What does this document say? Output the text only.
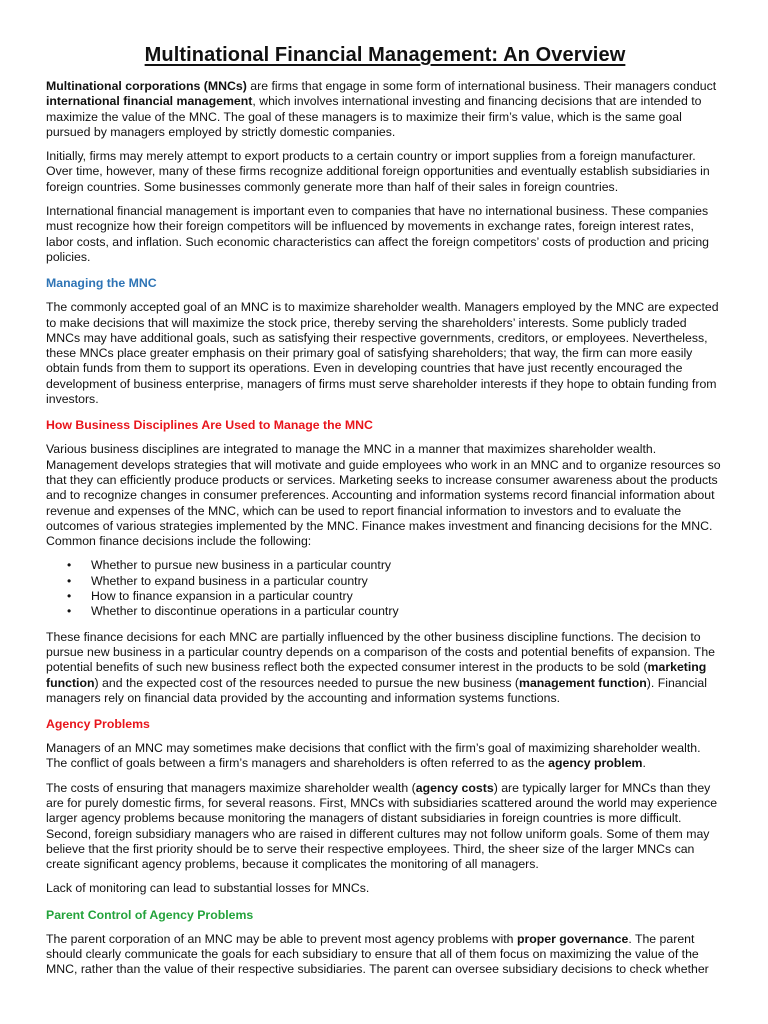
Multinational Financial Management: An Overview

Multinational corporations (MNCs) are firms that engage in some form of international business. Their managers conduct international financial management, which involves international investing and financing decisions that are intended to maximize the value of the MNC. The goal of these managers is to maximize their firm’s value, which is the same goal pursued by managers employed by strictly domestic companies.

Initially, firms may merely attempt to export products to a certain country or import supplies from a foreign manufacturer. Over time, however, many of these firms recognize additional foreign opportunities and eventually establish subsidiaries in foreign countries. Some businesses commonly generate more than half of their sales in foreign countries.

International financial management is important even to companies that have no international business. These companies must recognize how their foreign competitors will be influenced by movements in exchange rates, foreign interest rates, labor costs, and inflation. Such economic characteristics can affect the foreign competitors’ costs of production and pricing policies.

Managing the MNC

The commonly accepted goal of an MNC is to maximize shareholder wealth. Managers employed by the MNC are expected to make decisions that will maximize the stock price, thereby serving the shareholders’ interests. Some publicly traded MNCs may have additional goals, such as satisfying their respective governments, creditors, or employees. Nevertheless, these MNCs place greater emphasis on their primary goal of satisfying shareholders; that way, the firm can more easily obtain funds from them to support its operations. Even in developing countries that have just recently encouraged the development of business enterprise, managers of firms must serve shareholder interests if they hope to obtain funding from investors.

How Business Disciplines Are Used to Manage the MNC

Various business disciplines are integrated to manage the MNC in a manner that maximizes shareholder wealth. Management develops strategies that will motivate and guide employees who work in an MNC and to organize resources so that they can efficiently produce products or services. Marketing seeks to increase consumer awareness about the products and to recognize changes in consumer preferences. Accounting and information systems record financial information about revenue and expenses of the MNC, which can be used to report financial information to investors and to evaluate the outcomes of various strategies implemented by the MNC. Finance makes investment and financing decisions for the MNC. Common finance decisions include the following:

• Whether to pursue new business in a particular country
• Whether to expand business in a particular country
• How to finance expansion in a particular country
• Whether to discontinue operations in a particular country

These finance decisions for each MNC are partially influenced by the other business discipline functions. The decision to pursue new business in a particular country depends on a comparison of the costs and potential benefits of expansion. The potential benefits of such new business reflect both the expected consumer interest in the products to be sold (marketing function) and the expected cost of the resources needed to pursue the new business (management function). Financial managers rely on financial data provided by the accounting and information systems functions.

Agency Problems

Managers of an MNC may sometimes make decisions that conflict with the firm’s goal of maximizing shareholder wealth. The conflict of goals between a firm’s managers and shareholders is often referred to as the agency problem.

The costs of ensuring that managers maximize shareholder wealth (agency costs) are typically larger for MNCs than they are for purely domestic firms, for several reasons. First, MNCs with subsidiaries scattered around the world may experience larger agency problems because monitoring the managers of distant subsidiaries in foreign countries is more difficult. Second, foreign subsidiary managers who are raised in different cultures may not follow uniform goals. Some of them may believe that the first priority should be to serve their respective employees. Third, the sheer size of the larger MNCs can create significant agency problems, because it complicates the monitoring of all managers.

Lack of monitoring can lead to substantial losses for MNCs.

Parent Control of Agency Problems

The parent corporation of an MNC may be able to prevent most agency problems with proper governance. The parent should clearly communicate the goals for each subsidiary to ensure that all of them focus on maximizing the value of the MNC, rather than the value of their respective subsidiaries. The parent can oversee subsidiary decisions to check whether
